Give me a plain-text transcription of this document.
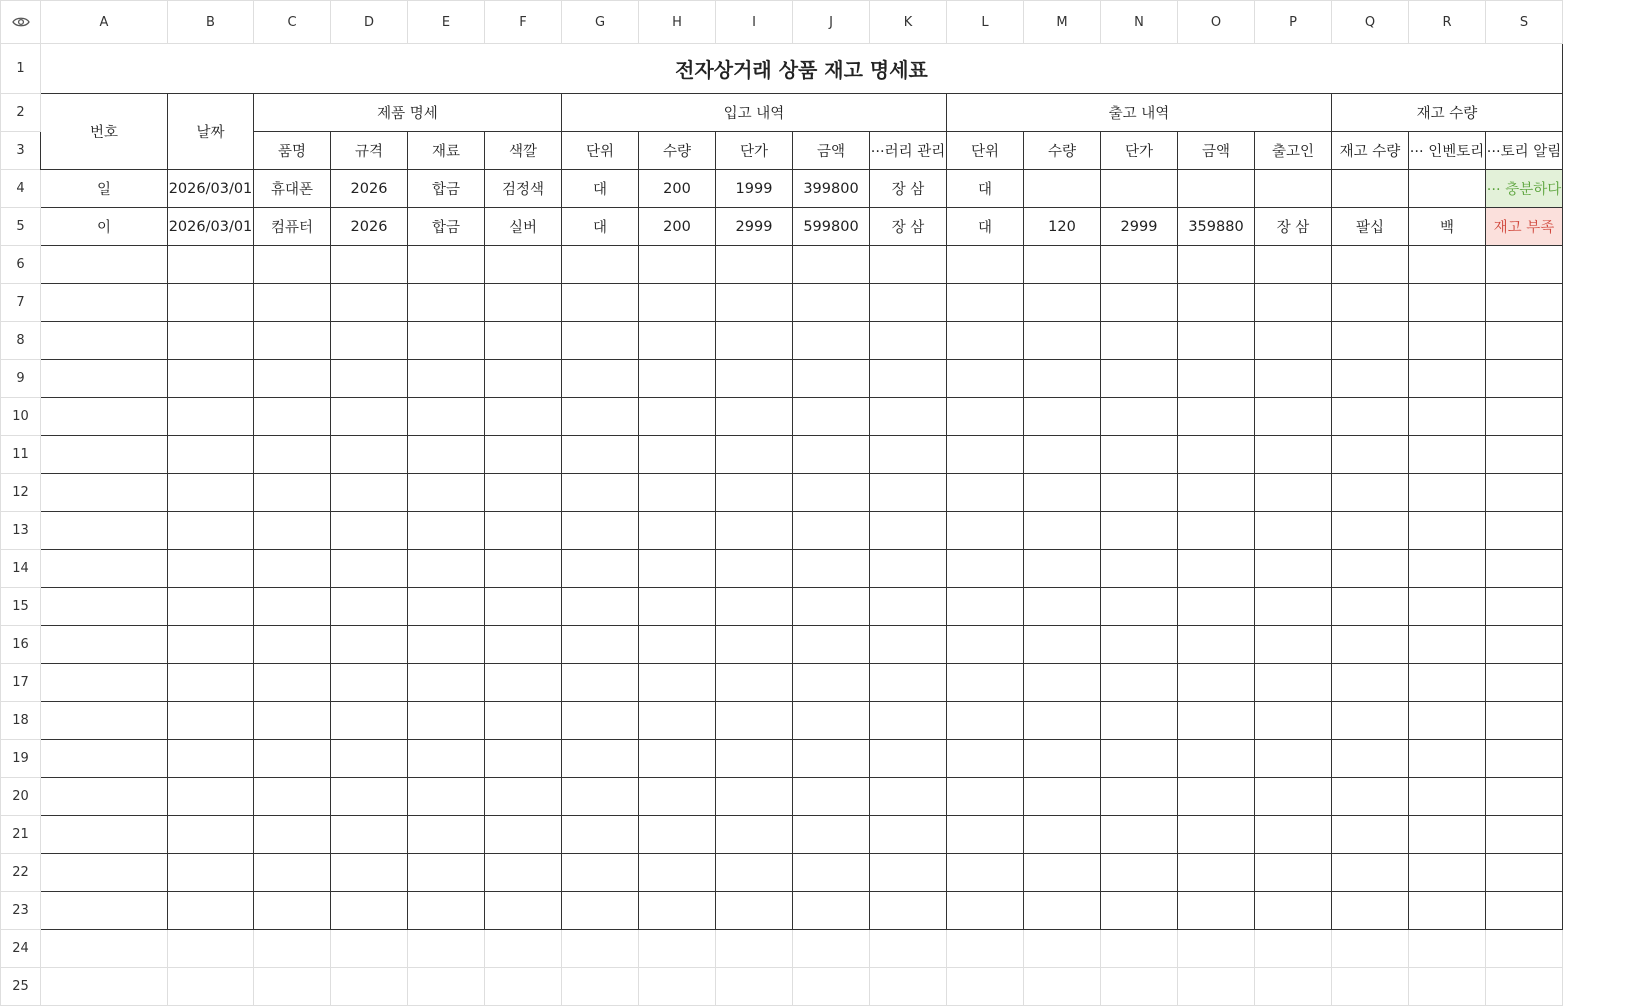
	A	B	C	D	E	F	G	H	I	J	K	L	M	N	O	P	Q	R	S
1	전자상거래 상품 재고 명세표																		
2	번호	날짜	제품 명세				입고 내역					출고 내역					재고 수량		
3			품명	규격	재료	색깔	단위	수량	단가	금액	···러리 관리	단위	수량	단가	금액	출고인	재고 수량	··· 인벤토리	···토리 알림
4	일	2026/03/01	휴대폰	2026	합금	검정색	대	200	1999	399800	장 삼	대							··· 충분하다
5	이	2026/03/01	컴퓨터	2026	합금	실버	대	200	2999	599800	장 삼	대	120	2999	359880	장 삼	팔십	백	재고 부족
6																			
7																			
8																			
9																			
10																			
11																			
12																			
13																			
14																			
15																			
16																			
17																			
18																			
19																			
20																			
21																			
22																			
23																			
24																			
25																			
